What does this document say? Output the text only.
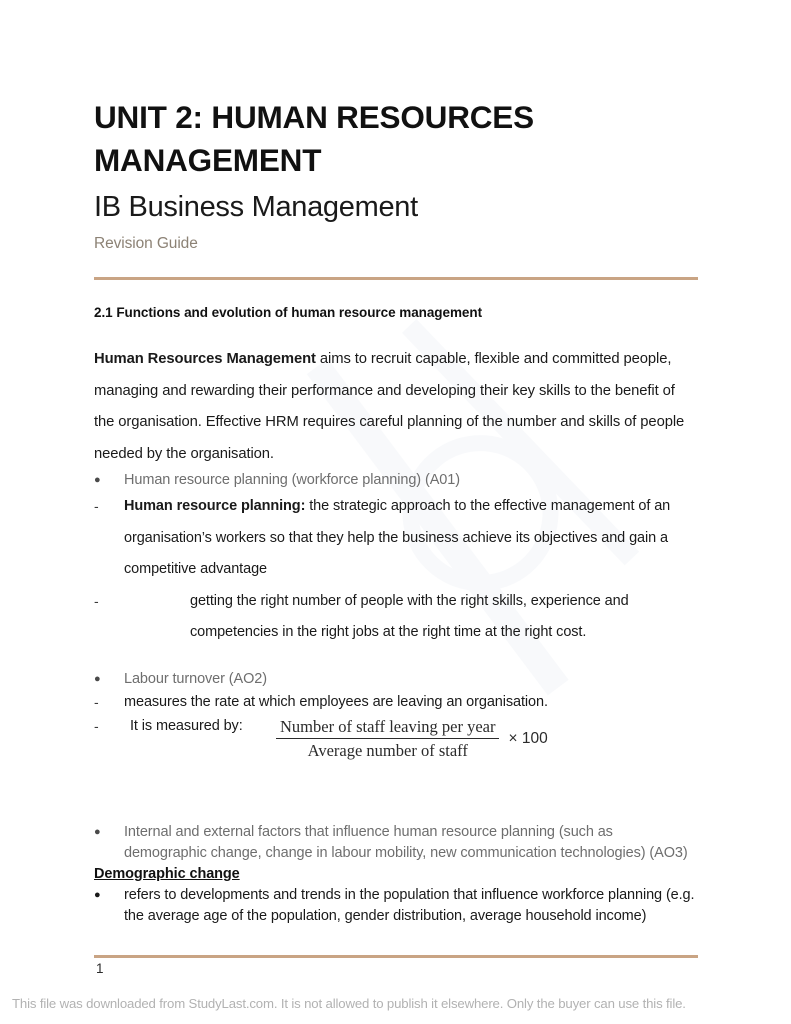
UNIT 2: HUMAN RESOURCES MANAGEMENT
IB Business Management
Revision Guide
2.1 Functions and evolution of human resource management

Human Resources Management aims to recruit capable, flexible and committed people, managing and rewarding their performance and developing their key skills to the benefit of the organisation. Effective HRM requires careful planning of the number and skills of people needed by the organisation.

●	Human resource planning (workforce planning) (A01)
-	Human resource planning: the strategic approach to the effective management of an organisation’s workers so that they help the business achieve its objectives and gain a competitive advantage
-	getting the right number of people with the right skills, experience and competencies in the right jobs at the right time at the right cost.
●	Labour turnover (AO2)
-	measures the rate at which employees are leaving an organisation.
-	It is measured by:	$\frac{\text{Number of staff leaving per year}}{\text{Average number of staff}} \times 100$
●	Internal and external factors that influence human resource planning (such as demographic change, change in labour mobility, new communication technologies) (AO3)
Demographic change
●	refers to developments and trends in the population that influence workforce planning (e.g. the average age of the population, gender distribution, average household income)
1
This file was downloaded from StudyLast.com. It is not allowed to publish it elsewhere. Only the buyer can use this file.
